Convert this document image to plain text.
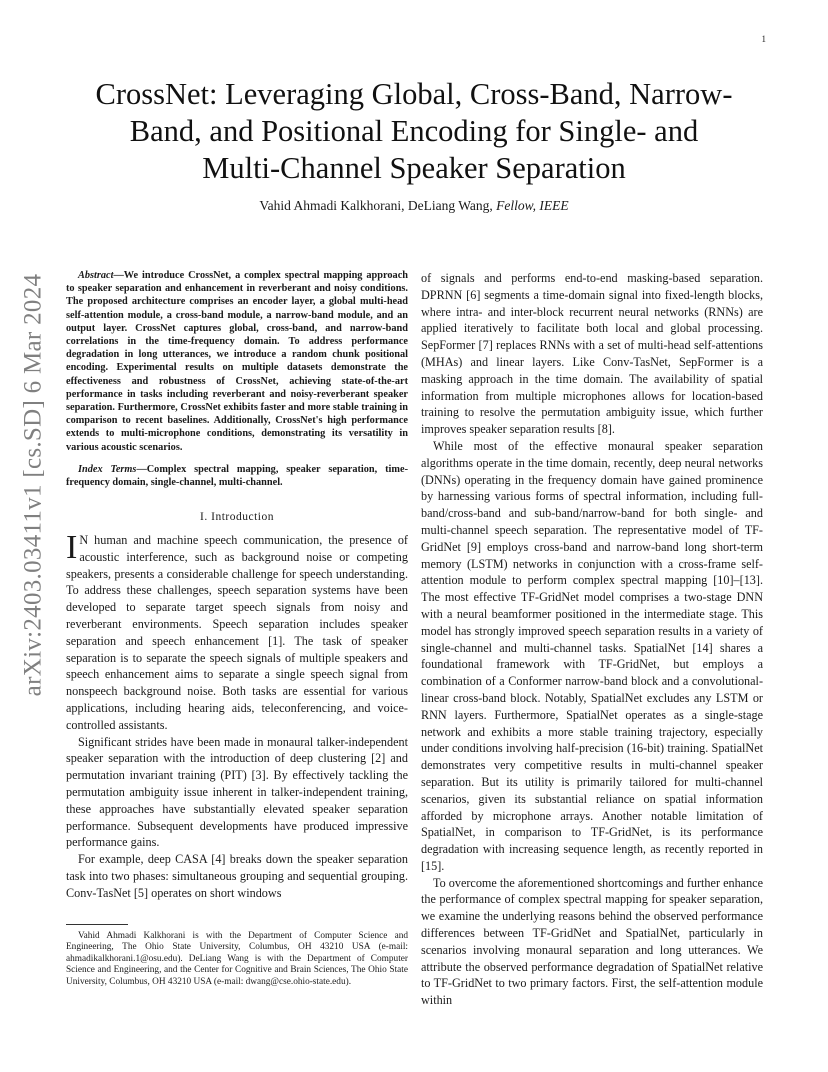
1
arXiv:2403.03411v1 [cs.SD] 6 Mar 2024
CrossNet: Leveraging Global, Cross-Band, Narrow-Band, and Positional Encoding for Single- and Multi-Channel Speaker Separation
Vahid Ahmadi Kalkhorani, DeLiang Wang, Fellow, IEEE

Abstract—We introduce CrossNet, a complex spectral mapping approach to speaker separation and enhancement in reverberant and noisy conditions. The proposed architecture comprises an encoder layer, a global multi-head self-attention module, a cross-band module, a narrow-band module, and an output layer. CrossNet captures global, cross-band, and narrow-band correlations in the time-frequency domain. To address performance degradation in long utterances, we introduce a random chunk positional encoding. Experimental results on multiple datasets demonstrate the effectiveness and robustness of CrossNet, achieving state-of-the-art performance in tasks including reverberant and noisy-reverberant speaker separation. Furthermore, CrossNet exhibits faster and more stable training in comparison to recent baselines. Additionally, CrossNet's high performance extends to multi-microphone conditions, demonstrating its versatility in various acoustic scenarios.

Index Terms—Complex spectral mapping, speaker separation, time-frequency domain, single-channel, multi-channel.

I. Introduction

I N human and machine speech communication, the presence of acoustic interference, such as background noise or competing speakers, presents a considerable challenge for speech understanding. To address these challenges, speech separation systems have been developed to separate target speech signals from noisy and reverberant environments. Speech separation includes speaker separation and speech enhancement [1]. The task of speaker separation is to separate the speech signals of multiple speakers and speech enhancement aims to separate a single speech signal from nonspeech background noise. Both tasks are essential for various applications, including hearing aids, teleconferencing, and voice-controlled assistants.

Significant strides have been made in monaural talker-independent speaker separation with the introduction of deep clustering [2] and permutation invariant training (PIT) [3]. By effectively tackling the permutation ambiguity issue inherent in talker-independent training, these approaches have substantially elevated speaker separation performance. Subsequent developments have produced impressive performance gains.

For example, deep CASA [4] breaks down the speaker separation task into two phases: simultaneous grouping and sequential grouping. Conv-TasNet [5] operates on short windows

Vahid Ahmadi Kalkhorani is with the Department of Computer Science and Engineering, The Ohio State University, Columbus, OH 43210 USA (e-mail: ahmadikalkhorani.1@osu.edu). DeLiang Wang is with the Department of Computer Science and Engineering, and the Center for Cognitive and Brain Sciences, The Ohio State University, Columbus, OH 43210 USA (e-mail: dwang@cse.ohio-state.edu).

of signals and performs end-to-end masking-based separation. DPRNN [6] segments a time-domain signal into fixed-length blocks, where intra- and inter-block recurrent neural networks (RNNs) are applied iteratively to facilitate both local and global processing. SepFormer [7] replaces RNNs with a set of multi-head self-attentions (MHAs) and linear layers. Like Conv-TasNet, SepFormer is a masking approach in the time domain. The availability of spatial information from multiple microphones allows for location-based training to resolve the permutation ambiguity issue, which further improves speaker separation results [8].

While most of the effective monaural speaker separation algorithms operate in the time domain, recently, deep neural networks (DNNs) operating in the frequency domain have gained prominence by harnessing various forms of spectral information, including full-band/cross-band and sub-band/narrow-band for both single- and multi-channel speech separation. The representative model of TF-GridNet [9] employs cross-band and narrow-band long short-term memory (LSTM) networks in conjunction with a cross-frame self-attention module to perform complex spectral mapping [10]–[13]. The most effective TF-GridNet model comprises a two-stage DNN with a neural beamformer positioned in the intermediate stage. This model has strongly improved speech separation results in a variety of single-channel and multi-channel tasks. SpatialNet [14] shares a foundational framework with TF-GridNet, but employs a combination of a Conformer narrow-band block and a convolutional-linear cross-band block. Notably, SpatialNet excludes any LSTM or RNN layers. Furthermore, SpatialNet operates as a single-stage network and exhibits a more stable training trajectory, especially under conditions involving half-precision (16-bit) training. SpatialNet demonstrates very competitive results in multi-channel speaker separation. But its utility is primarily tailored for multi-channel scenarios, given its substantial reliance on spatial information afforded by microphone arrays. Another notable limitation of SpatialNet, in comparison to TF-GridNet, is its performance degradation with increasing sequence length, as recently reported in [15].

To overcome the aforementioned shortcomings and further enhance the performance of complex spectral mapping for speaker separation, we examine the underlying reasons behind the observed performance differences between TF-GridNet and SpatialNet, particularly in scenarios involving monaural separation and long utterances. We attribute the observed performance degradation of SpatialNet relative to TF-GridNet to two primary factors. First, the self-attention module within
